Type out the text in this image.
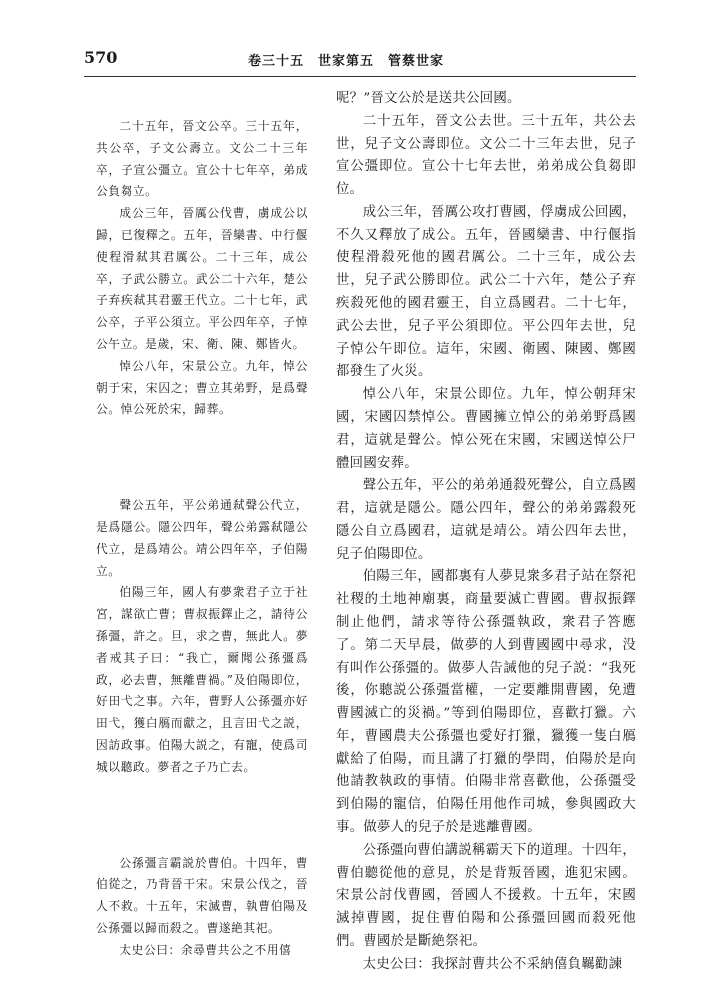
570	卷三十五　世家第五　管蔡世家

二十五年，晉文公卒。三十五年，共公卒，子文公壽立。文公二十三年卒，子宣公彊立。宣公十七年卒，弟成公負芻立。

成公三年，晉厲公伐曹，虜成公以歸，已復釋之。五年，晉欒書、中行偃使程滑弒其君厲公。二十三年，成公卒，子武公勝立。武公二十六年，楚公子弃疾弒其君靈王代立。二十七年，武公卒，子平公須立。平公四年卒，子悼公午立。是歲，宋、衛、陳、鄭皆火。

悼公八年，宋景公立。九年，悼公朝于宋，宋囚之；曹立其弟野，是爲聲公。悼公死於宋，歸葬。

聲公五年，平公弟通弒聲公代立，是爲隱公。隱公四年，聲公弟露弒隱公代立，是爲靖公。靖公四年卒，子伯陽立。

伯陽三年，國人有夢衆君子立于社宮，謀欲亡曹；曹叔振鐸止之，請待公孫彊，許之。旦，求之曹，無此人。夢者戒其子曰：“我亡，爾聞公孫彊爲政，必去曹，無離曹禍。”及伯陽即位，好田弋之事。六年，曹野人公孫彊亦好田弋，獲白鴈而獻之，且言田弋之説，因訪政事。伯陽大説之，有寵，使爲司城以聽政。夢者之子乃亡去。

公孫彊言霸説於曹伯。十四年，曹伯從之，乃背晉干宋。宋景公伐之，晉人不救。十五年，宋滅曹，執曹伯陽及公孫彊以歸而殺之。曹遂絶其祀。

太史公曰：余尋曹共公之不用僖

呢？”晉文公於是送共公回國。

二十五年，晉文公去世。三十五年，共公去世，兒子文公壽即位。文公二十三年去世，兒子宣公彊即位。宣公十七年去世，弟弟成公負芻即位。

成公三年，晉厲公攻打曹國，俘虜成公回國，不久又釋放了成公。五年，晉國欒書、中行偃指使程滑殺死他的國君厲公。二十三年，成公去世，兒子武公勝即位。武公二十六年，楚公子弃疾殺死他的國君靈王，自立爲國君。二十七年，武公去世，兒子平公須即位。平公四年去世，兒子悼公午即位。這年，宋國、衛國、陳國、鄭國都發生了火災。

悼公八年，宋景公即位。九年，悼公朝拜宋國，宋國囚禁悼公。曹國擁立悼公的弟弟野爲國君，這就是聲公。悼公死在宋國，宋國送悼公尸體回國安葬。

聲公五年，平公的弟弟通殺死聲公，自立爲國君，這就是隱公。隱公四年，聲公的弟弟露殺死隱公自立爲國君，這就是靖公。靖公四年去世，兒子伯陽即位。

伯陽三年，國都裏有人夢見衆多君子站在祭祀社稷的土地神廟裏，商量要滅亡曹國。曹叔振鐸制止他們，請求等待公孫彊執政，衆君子答應了。第二天早晨，做夢的人到曹國國中尋求，没有叫作公孫彊的。做夢人告誡他的兒子説：“我死後，你聽説公孫彊當權，一定要離開曹國，免遭曹國滅亡的災禍。”等到伯陽即位，喜歡打獵。六年，曹國農夫公孫彊也愛好打獵，獵獲一隻白鴈獻給了伯陽，而且講了打獵的學問，伯陽於是向他請教執政的事情。伯陽非常喜歡他，公孫彊受到伯陽的寵信，伯陽任用他作司城，參與國政大事。做夢人的兒子於是逃離曹國。

公孫彊向曹伯講説稱霸天下的道理。十四年，曹伯聽從他的意見，於是背叛晉國，進犯宋國。宋景公討伐曹國，晉國人不援救。十五年，宋國滅掉曹國，捉住曹伯陽和公孫彊回國而殺死他們。曹國於是斷絶祭祀。

太史公曰：我探討曹共公不采納僖負羈勸諫
